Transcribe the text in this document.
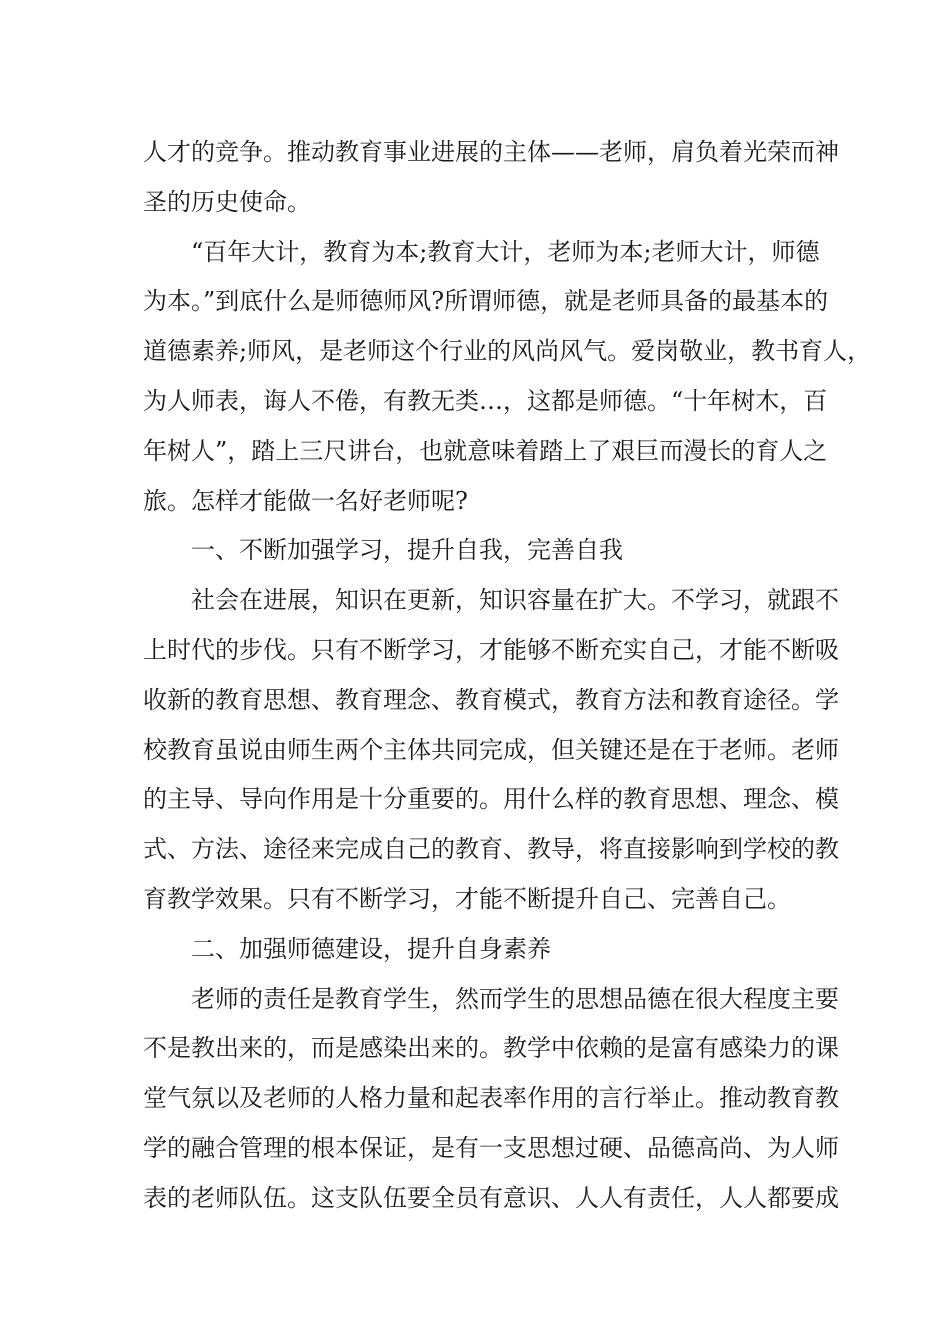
人才的竞争。推动教育事业进展的主体——老师，肩负着光荣而神
圣的历史使命。
“百年大计，教育为本;教育大计，老师为本;老师大计，师德
为本。”到底什么是师德师风?所谓师德，就是老师具备的最基本的
道德素养;师风，是老师这个行业的风尚风气。爱岗敬业，教书育人，
为人师表，诲人不倦，有教无类…，这都是师德。“十年树木，百
年树人”，踏上三尺讲台，也就意味着踏上了艰巨而漫长的育人之
旅。怎样才能做一名好老师呢?
一、不断加强学习，提升自我，完善自我
社会在进展，知识在更新，知识容量在扩大。不学习，就跟不
上时代的步伐。只有不断学习，才能够不断充实自己，才能不断吸
收新的教育思想、教育理念、教育模式，教育方法和教育途径。学
校教育虽说由师生两个主体共同完成，但关键还是在于老师。老师
的主导、导向作用是十分重要的。用什么样的教育思想、理念、模
式、方法、途径来完成自己的教育、教导，将直接影响到学校的教
育教学效果。只有不断学习，才能不断提升自己、完善自己。
二、加强师德建设，提升自身素养
老师的责任是教育学生，然而学生的思想品德在很大程度主要
不是教出来的，而是感染出来的。教学中依赖的是富有感染力的课
堂气氛以及老师的人格力量和起表率作用的言行举止。推动教育教
学的融合管理的根本保证，是有一支思想过硬、品德高尚、为人师
表的老师队伍。这支队伍要全员有意识、人人有责任，人人都要成
